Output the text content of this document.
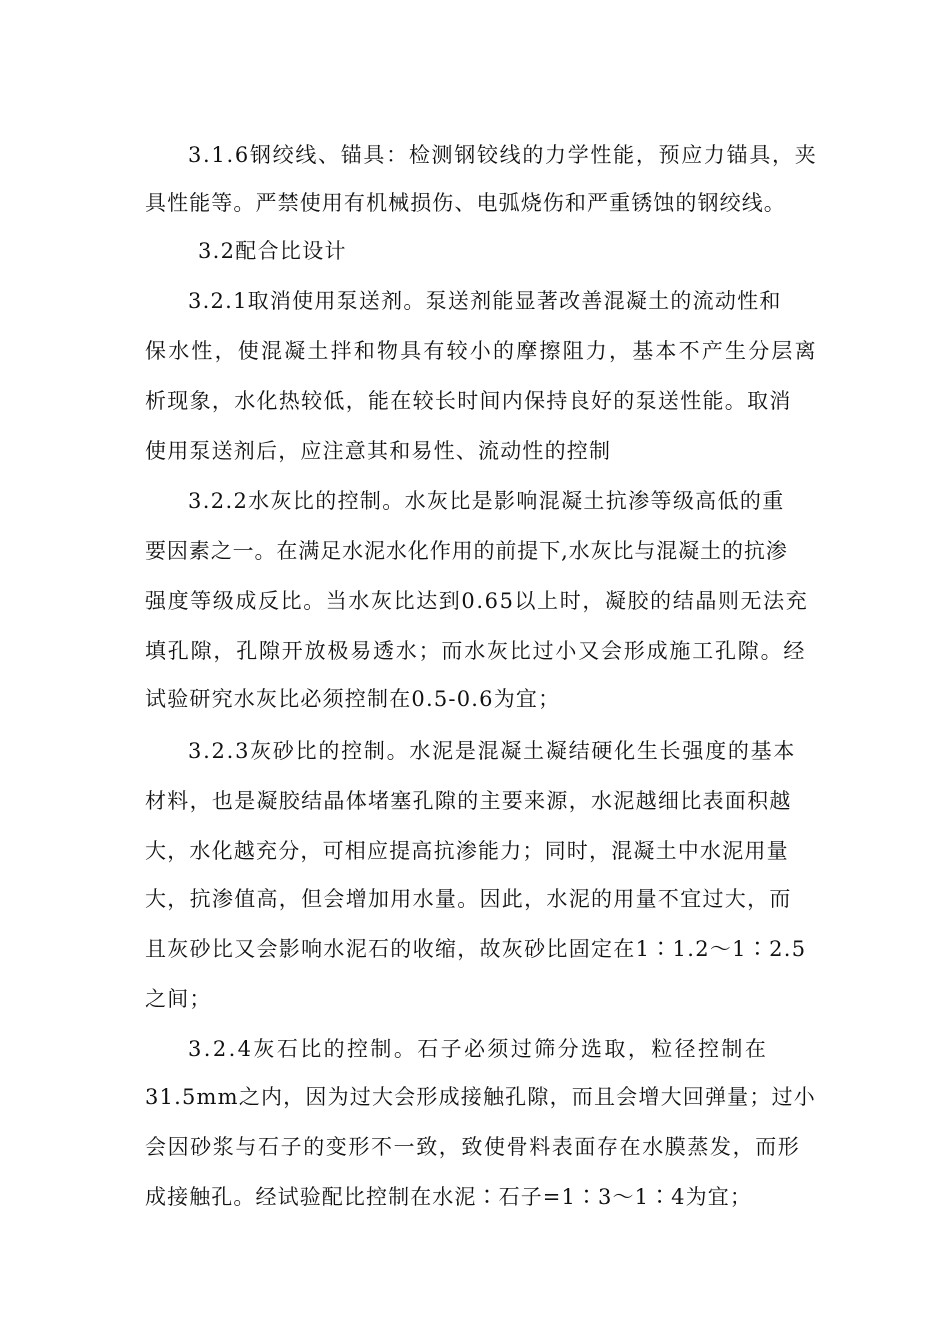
3.1.6钢绞线、锚具：检测钢铰线的力学性能，预应力锚具，夹
具性能等。严禁使用有机械损伤、电弧烧伤和严重锈蚀的钢绞线。
3.2配合比设计
3.2.1取消使用泵送剂。泵送剂能显著改善混凝土的流动性和
保水性，使混凝土拌和物具有较小的摩擦阻力，基本不产生分层离
析现象，水化热较低，能在较长时间内保持良好的泵送性能。取消
使用泵送剂后，应注意其和易性、流动性的控制
3.2.2水灰比的控制。水灰比是影响混凝土抗渗等级高低的重
要因素之一。在满足水泥水化作用的前提下,水灰比与混凝土的抗渗
强度等级成反比。当水灰比达到0.65以上时，凝胶的结晶则无法充
填孔隙，孔隙开放极易透水；而水灰比过小又会形成施工孔隙。经
试验研究水灰比必须控制在0.5-0.6为宜；
3.2.3灰砂比的控制。水泥是混凝土凝结硬化生长强度的基本
材料，也是凝胶结晶体堵塞孔隙的主要来源，水泥越细比表面积越
大，水化越充分，可相应提高抗渗能力；同时，混凝土中水泥用量
大，抗渗值高，但会增加用水量。因此，水泥的用量不宜过大，而
且灰砂比又会影响水泥石的收缩，故灰砂比固定在1∶1.2～1∶2.5
之间；
3.2.4灰石比的控制。石子必须过筛分选取，粒径控制在
31.5mm之内，因为过大会形成接触孔隙，而且会增大回弹量；过小
会因砂浆与石子的变形不一致，致使骨料表面存在水膜蒸发，而形
成接触孔。经试验配比控制在水泥∶石子=1∶3～1∶4为宜；
